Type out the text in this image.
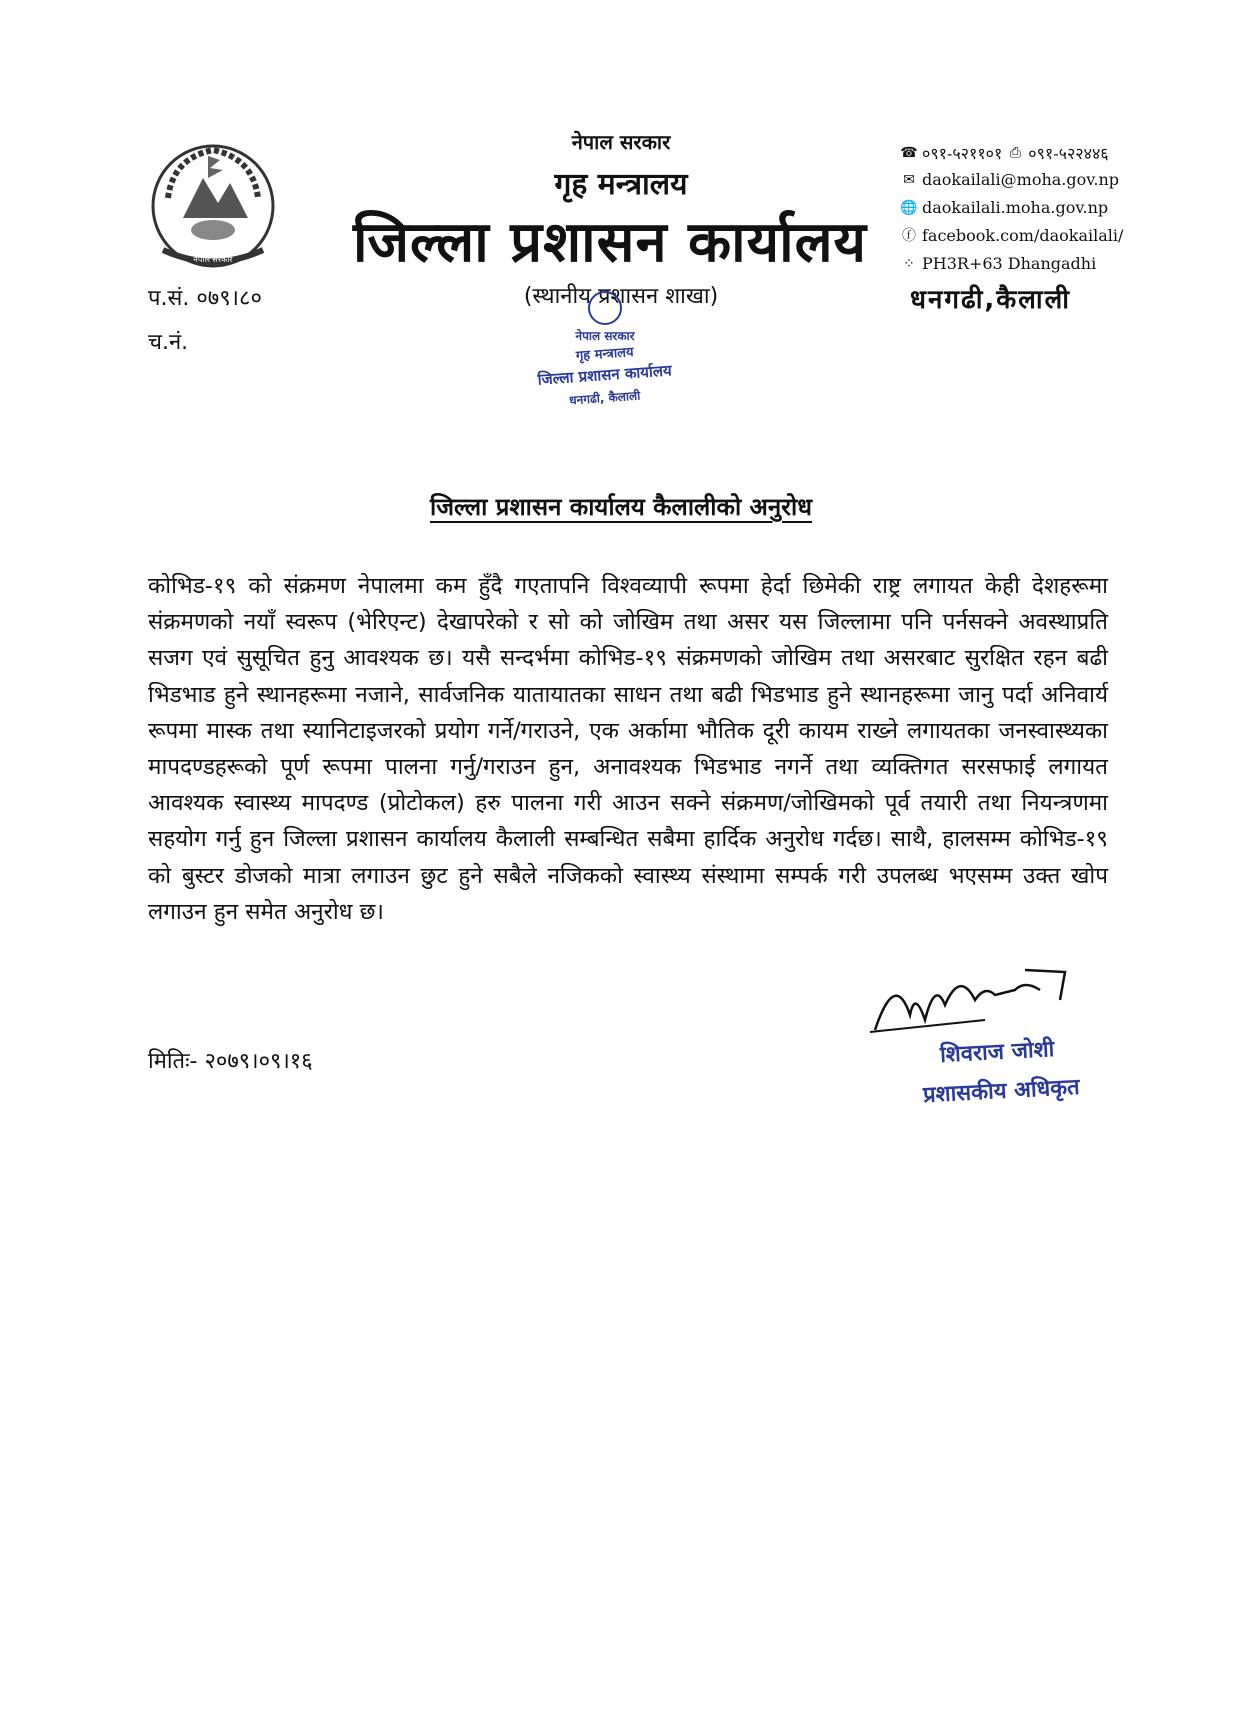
नेपाल सरकार
नेपाल सरकार
गृह मन्त्रालय
जिल्ला प्रशासन कार्यालय
(स्थानीय प्रशासन शाखा)
☎ ०९१-५२११०१ ⎙ ०९१-५२२४४६
✉ daokailali@moha.gov.np
🌐 daokailali.moha.gov.np
ⓕ facebook.com/daokailali/
⁘ PH3R+63 Dhangadhi
धनगढी,कैलाली
प.सं. ०७९।८०
च.नं.	नेपाल सरकार
गृह मन्त्रालय
जिल्ला प्रशासन कार्यालय
धनगढी, कैलाली
जिल्ला प्रशासन कार्यालय कैलालीको अनुरोध
कोभिड-१९ को संक्रमण नेपालमा कम हुँदै गएतापनि विश्वव्यापी रूपमा हेर्दा छिमेकी राष्ट्र लगायत केही देशहरूमा संक्रमणको नयाँ स्वरूप (भेरिएन्ट) देखापरेको र सो को जोखिम तथा असर यस जिल्लामा पनि पर्नसक्ने अवस्थाप्रति सजग एवं सुसूचित हुनु आवश्यक छ। यसै सन्दर्भमा कोभिड-१९ संक्रमणको जोखिम तथा असरबाट सुरक्षित रहन बढी भिडभाड हुने स्थानहरूमा नजाने, सार्वजनिक यातायातका साधन तथा बढी भिडभाड हुने स्थानहरूमा जानु पर्दा अनिवार्य रूपमा मास्क तथा स्यानिटाइजरको प्रयोग गर्ने/गराउने, एक अर्कामा भौतिक दूरी कायम राख्ने लगायतका जनस्वास्थ्यका मापदण्डहरूको पूर्ण रूपमा पालना गर्नु/गराउन हुन, अनावश्यक भिडभाड नगर्ने तथा व्यक्तिगत सरसफाई लगायत आवश्यक स्वास्थ्य मापदण्ड (प्रोटोकल) हरु पालना गरी आउन सक्ने संक्रमण/जोखिमको पूर्व तयारी तथा नियन्त्रणमा सहयोग गर्नु हुन जिल्ला प्रशासन कार्यालय कैलाली सम्बन्धित सबैमा हार्दिक अनुरोध गर्दछ। साथै, हालसम्म कोभिड-१९ को बुस्टर डोजको मात्रा लगाउन छुट हुने सबैले नजिकको स्वास्थ्य संस्थामा सम्पर्क गरी उपलब्ध भएसम्म उक्त खोप लगाउन हुन समेत अनुरोध छ।
मितिः- २०७९।०९।१६	शिवराज जोशी
प्रशासकीय अधिकृत
